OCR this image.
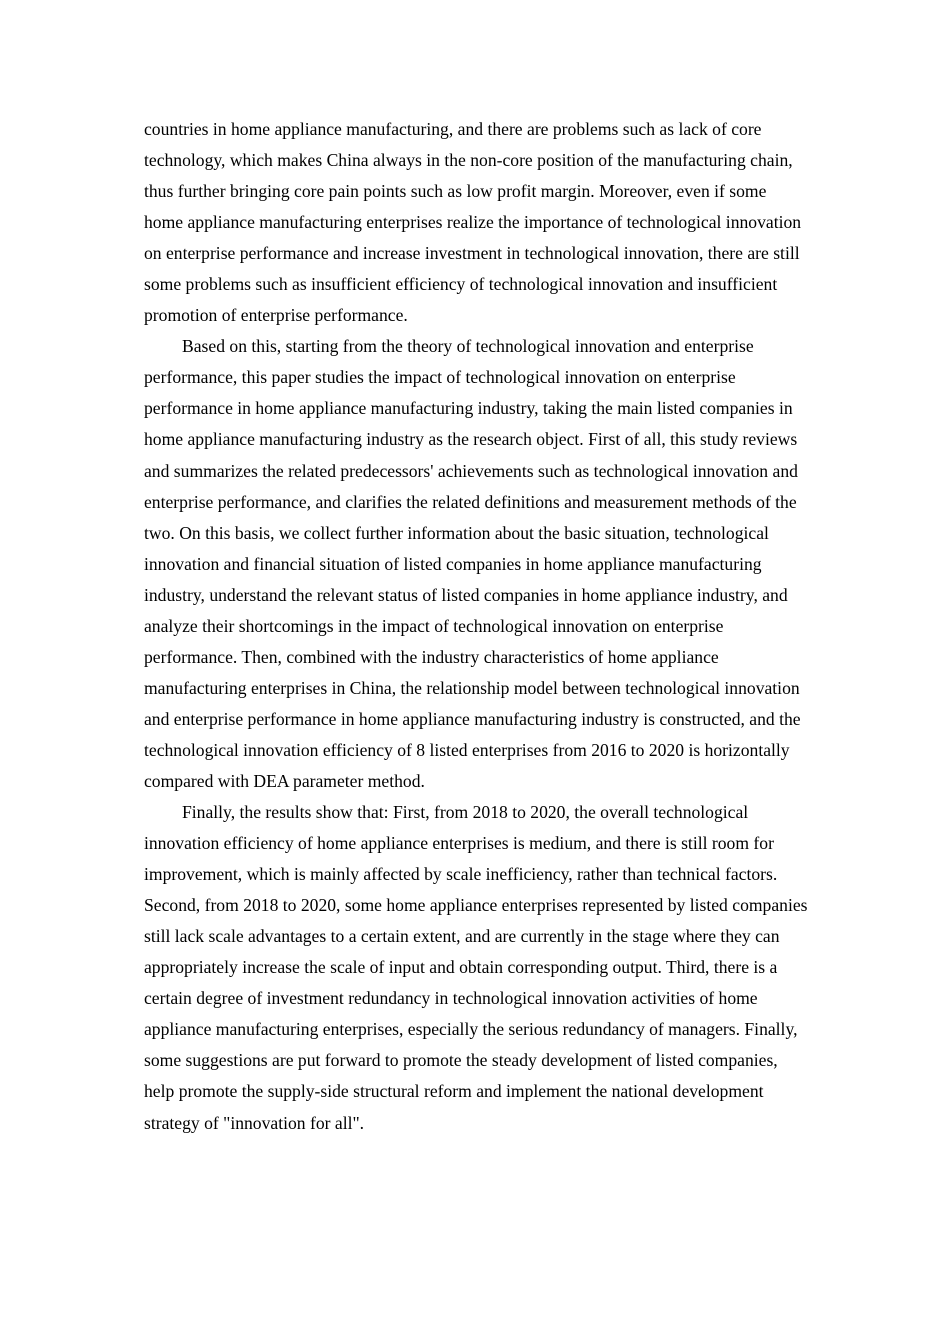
countries in home appliance manufacturing, and there are problems such as lack of core technology, which makes China always in the non-core position of the manufacturing chain, thus further bringing core pain points such as low profit margin. Moreover, even if some home appliance manufacturing enterprises realize the importance of technological innovation on enterprise performance and increase investment in technological innovation, there are still some problems such as insufficient efficiency of technological innovation and insufficient promotion of enterprise performance.

Based on this, starting from the theory of technological innovation and enterprise performance, this paper studies the impact of technological innovation on enterprise performance in home appliance manufacturing industry, taking the main listed companies in home appliance manufacturing industry as the research object. First of all, this study reviews and summarizes the related predecessors' achievements such as technological innovation and enterprise performance, and clarifies the related definitions and measurement methods of the two. On this basis, we collect further information about the basic situation, technological innovation and financial situation of listed companies in home appliance manufacturing industry, understand the relevant status of listed companies in home appliance industry, and analyze their shortcomings in the impact of technological innovation on enterprise performance. Then, combined with the industry characteristics of home appliance manufacturing enterprises in China, the relationship model between technological innovation and enterprise performance in home appliance manufacturing industry is constructed, and the technological innovation efficiency of 8 listed enterprises from 2016 to 2020 is horizontally compared with DEA parameter method.

Finally, the results show that: First, from 2018 to 2020, the overall technological innovation efficiency of home appliance enterprises is medium, and there is still room for improvement, which is mainly affected by scale inefficiency, rather than technical factors. Second, from 2018 to 2020, some home appliance enterprises represented by listed companies still lack scale advantages to a certain extent, and are currently in the stage where they can appropriately increase the scale of input and obtain corresponding output. Third, there is a certain degree of investment redundancy in technological innovation activities of home appliance manufacturing enterprises, especially the serious redundancy of managers. Finally, some suggestions are put forward to promote the steady development of listed companies, help promote the supply-side structural reform and implement the national development strategy of "innovation for all".
